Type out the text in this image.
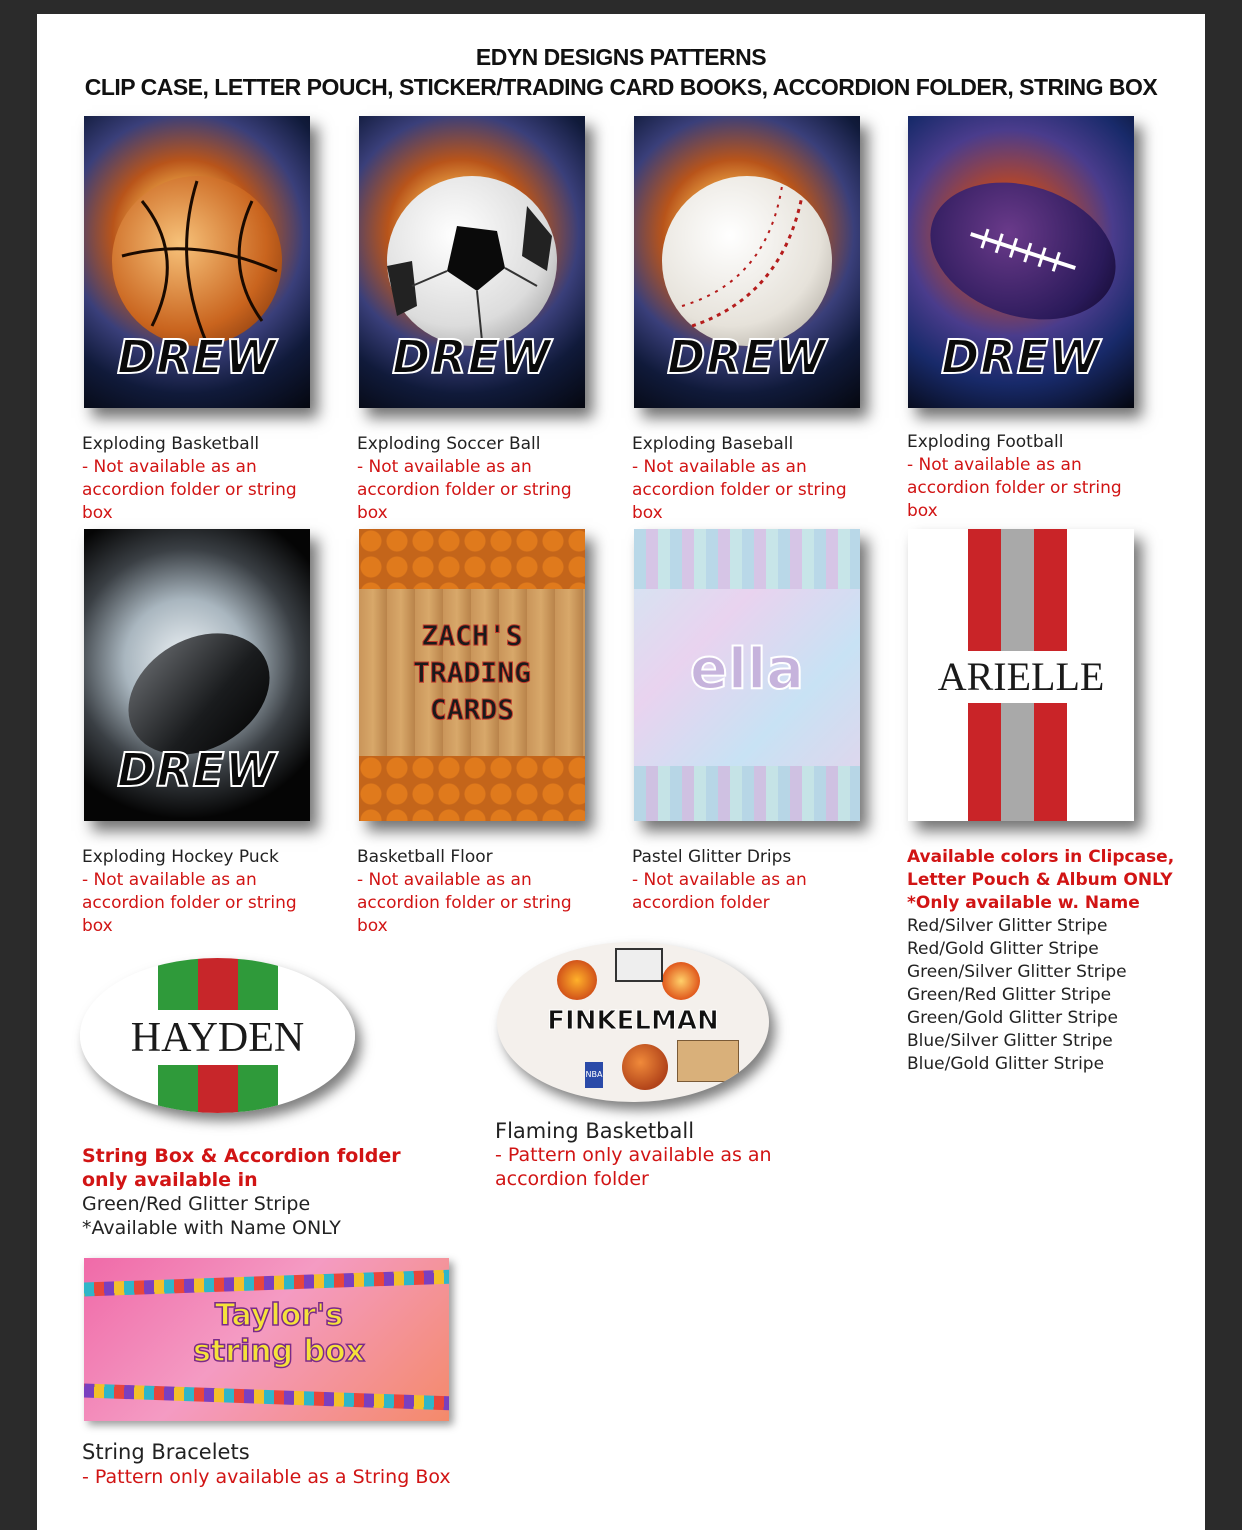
EDYN DESIGNS PATTERNS
CLIP CASE, LETTER POUCH, STICKER/TRADING CARD BOOKS, ACCORDION FOLDER, STRING BOX
DREW	DREW	DREW	DREW
Exploding Basketball
- Not available as an accordion folder or string box
Exploding Soccer Ball
- Not available as an accordion folder or string box
Exploding Baseball
- Not available as an accordion folder or string box
Exploding Football
- Not available as an accordion folder or string box
DREW
ZACH'S
TRADING
CARDS
ella	ARIELLE
Exploding Hockey Puck
- Not available as an accordion folder or string box
Basketball Floor
- Not available as an accordion folder or string box
Pastel Glitter Drips
- Not available as an accordion folder
Available colors in Clipcase,
Letter Pouch & Album ONLY
*Only available w. Name
Red/Silver Glitter Stripe
Red/Gold Glitter Stripe
Green/Silver Glitter Stripe
Green/Red Glitter Stripe
Green/Gold Glitter Stripe
Blue/Silver Glitter Stripe
Blue/Gold Glitter Stripe
HAYDEN
String Box & Accordion folder only available in
Green/Red Glitter Stripe
*Available with Name ONLY
FINKELMAN
NBA
Flaming Basketball
- Pattern only available as an accordion folder
Taylor's
string box
String Bracelets
- Pattern only available as a String Box
